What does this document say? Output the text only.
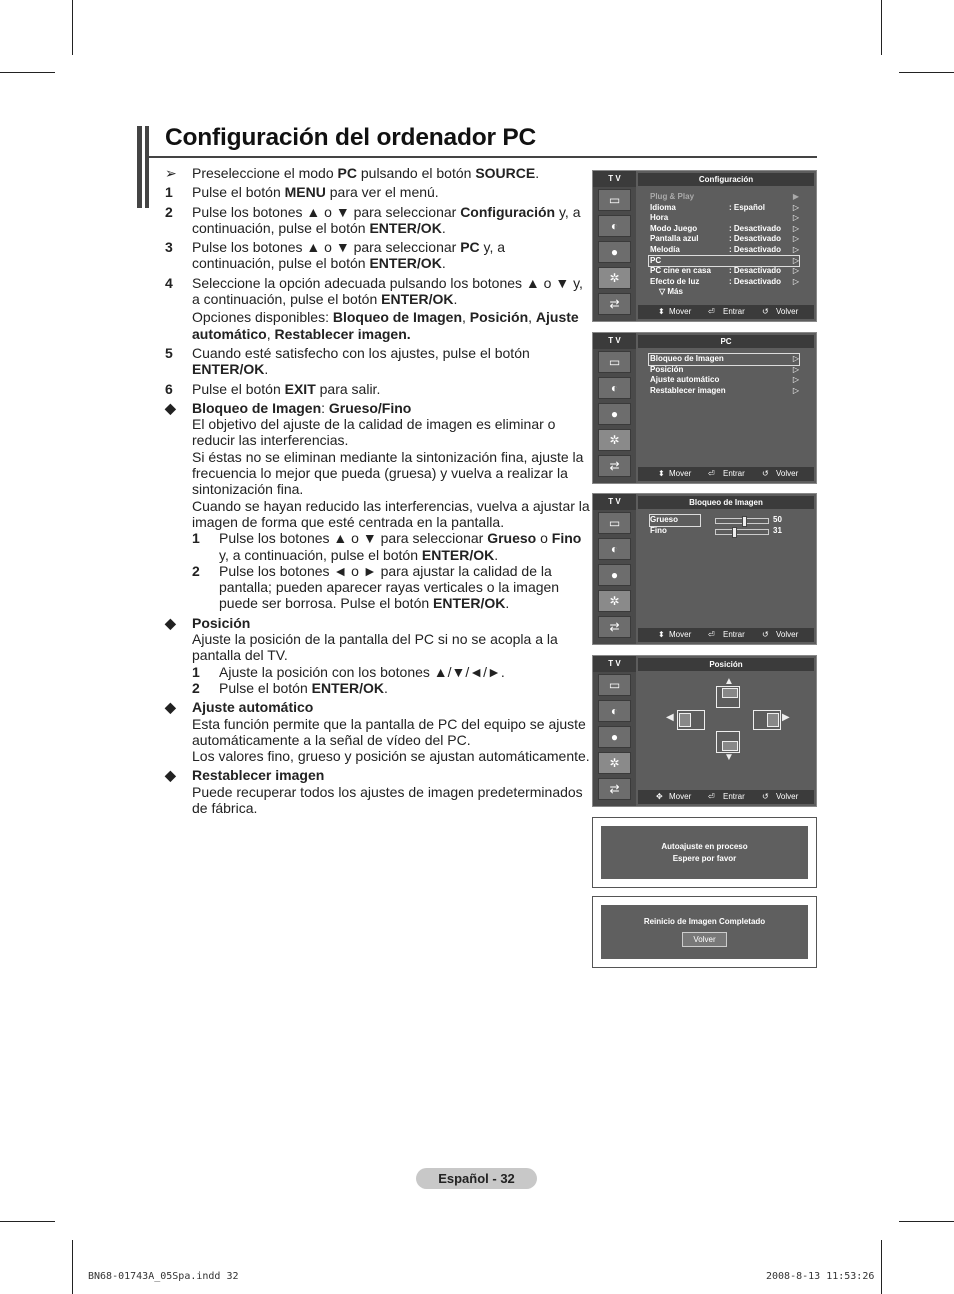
Configuración del ordenador PC

➢ Preseleccione el modo PC pulsando el botón SOURCE.

1 Pulse el botón MENU para ver el menú.

2 Pulse los botones ▲ o ▼ para seleccionar Configuración y, a continuación, pulse el botón ENTER/OK.

3 Pulse los botones ▲ o ▼ para seleccionar PC y, a continuación, pulse el botón ENTER/OK.

4 Seleccione la opción adecuada pulsando los botones ▲ o ▼ y, a continuación, pulse el botón ENTER/OK.

Opciones disponibles: Bloqueo de Imagen, Posición, Ajuste automático, Restablecer imagen.

5 Cuando esté satisfecho con los ajustes, pulse el botón ENTER/OK.

6 Pulse el botón EXIT para salir.

◆ Bloqueo de Imagen: Grueso/Fino
El objetivo del ajuste de la calidad de imagen es eliminar o reducir las interferencias.
Si éstas no se eliminan mediante la sintonización fina, ajuste la frecuencia lo mejor que pueda (gruesa) y vuelva a realizar la sintonización fina.
Cuando se hayan reducido las interferencias, vuelva a ajustar la imagen de forma que esté centrada en la pantalla.
1 Pulse los botones ▲ o ▼ para seleccionar Grueso o Fino y, a continuación, pulse el botón ENTER/OK.
2 Pulse los botones ◄ o ► para ajustar la calidad de la pantalla; pueden aparecer rayas verticales o la imagen puede ser borrosa. Pulse el botón ENTER/OK.
◆ Posición
Ajuste la posición de la pantalla del PC si no se acopla a la pantalla del TV.
1 Ajuste la posición con los botones ▲/▼/◄/►.
2 Pulse el botón ENTER/OK.
◆ Ajuste automático
Esta función permite que la pantalla de PC del equipo se ajuste automáticamente a la señal de vídeo del PC.
Los valores fino, grueso y posición se ajustan automáticamente.
◆ Restablecer imagen
Puede recuperar todos los ajustes de imagen predeterminados de fábrica.
T V	Configuración
▭
◐
●
✲
⇄
Plug & Play	▶
Idioma	: Español	▷
Hora	▷
Modo Juego	: Desactivado ▷
Pantalla azul	: Desactivado ▷
Melodía	: Desactivado ▷
PC	▷
PC cine en casa : Desactivado ▷
Efecto de luz	: Desactivado ▷
▽ Más
⬍ Mover ⏎ Entrar ↺ Volver
T V	PC
▭
◐
●
✲
⇄
Bloqueo de Imagen	▷
Posición	▷
Ajuste automático	▷
Restablecer imagen	▷
⬍ Mover ⏎ Entrar ↺ Volver
T V	Bloqueo de Imagen
▭
◐
●
✲
⇄
Grueso	50
Fino	31
⬍ Mover ⏎ Entrar ↺ Volver
T V	Posición
▭
◐
●
✲
⇄
▲
◀	▶
▼
✥ Mover ⏎ Entrar ↺ Volver
Autoajuste en proceso
Espere por favor
Reinicio de Imagen Completado
Volver
Español - 32
BN68-01743A_05Spa.indd 32	2008-8-13 11:53:26
